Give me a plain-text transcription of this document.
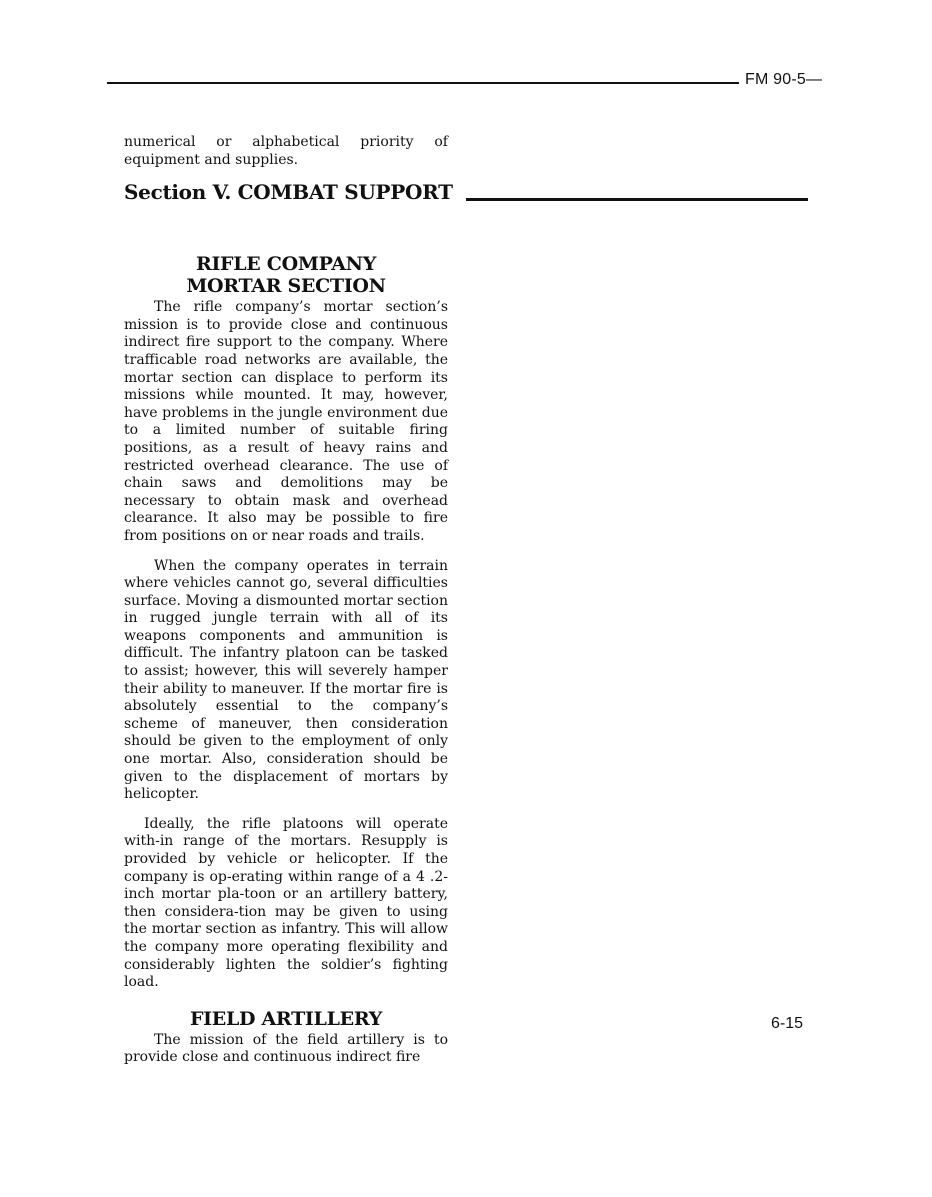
FM 90-5—
Section V. COMBAT SUPPORT

numerical or alphabetical priority of equipment and supplies.

RIFLE COMPANY
MORTAR SECTION

The rifle company’s mortar section’s mission is to provide close and continuous indirect fire support to the company. Where trafficable road networks are available, the mortar section can displace to perform its missions while mounted. It may, however, have problems in the jungle environment due to a limited number of suitable firing positions, as a result of heavy rains and restricted overhead clearance. The use of chain saws and demolitions may be necessary to obtain mask and overhead clearance. It also may be possible to fire from positions on or near roads and trails.

When the company operates in terrain where vehicles cannot go, several difficulties surface. Moving a dismounted mortar section in rugged jungle terrain with all of its weapons components and ammunition is difficult. The infantry platoon can be tasked to assist; however, this will severely hamper their ability to maneuver. If the mortar fire is absolutely essential to the company’s scheme of maneuver, then consideration should be given to the employment of only one mortar. Also, consideration should be given to the displacement of mortars by helicopter.

Ideally, the rifle platoons will operate with-in range of the mortars. Resupply is provided by vehicle or helicopter. If the company is op-erating within range of a 4 .2-inch mortar pla-toon or an artillery battery, then considera-tion may be given to using the mortar section as infantry. This will allow the company more operating flexibility and considerably lighten the soldier’s fighting load.

FIELD ARTILLERY

The mission of the field artillery is to provide close and continuous indirect fire

6-15
